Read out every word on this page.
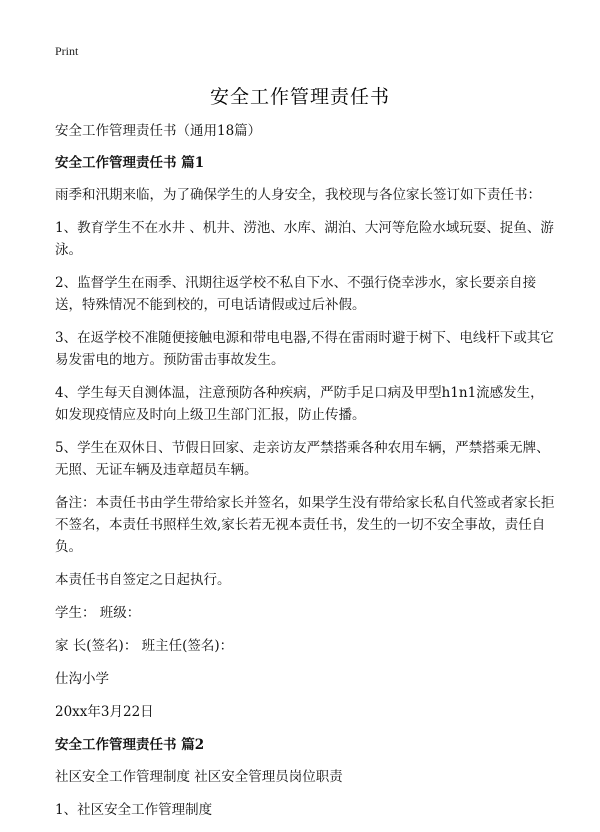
Print
安全工作管理责任书

安全工作管理责任书（通用18篇）

安全工作管理责任书 篇1

雨季和汛期来临，为了确保学生的人身安全，我校现与各位家长签订如下责任书：

1、教育学生不在水井 、机井、涝池、水库、湖泊、大河等危险水域玩耍、捉鱼、游泳。

2、监督学生在雨季、汛期往返学校不私自下水、不强行侥幸涉水，家长要亲自接送，特殊情况不能到校的，可电话请假或过后补假。

3、在返学校不准随便接触电源和带电电器,不得在雷雨时避于树下、电线杆下或其它易发雷电的地方。预防雷击事故发生。

4、学生每天自测体温，注意预防各种疾病，严防手足口病及甲型h1n1流感发生，如发现疫情应及时向上级卫生部门汇报，防止传播。

5、学生在双休日、节假日回家、走亲访友严禁搭乘各种农用车辆，严禁搭乘无牌、无照、无证车辆及违章超员车辆。

备注：本责任书由学生带给家长并签名，如果学生没有带给家长私自代签或者家长拒不签名，本责任书照样生效,家长若无视本责任书，发生的一切不安全事故，责任自负。

本责任书自签定之日起执行。

学生： 班级：

家 长(签名)： 班主任(签名)：

仕沟小学

20xx年3月22日

安全工作管理责任书 篇2

社区安全工作管理制度 社区安全管理员岗位职责

1、社区安全工作管理制度
